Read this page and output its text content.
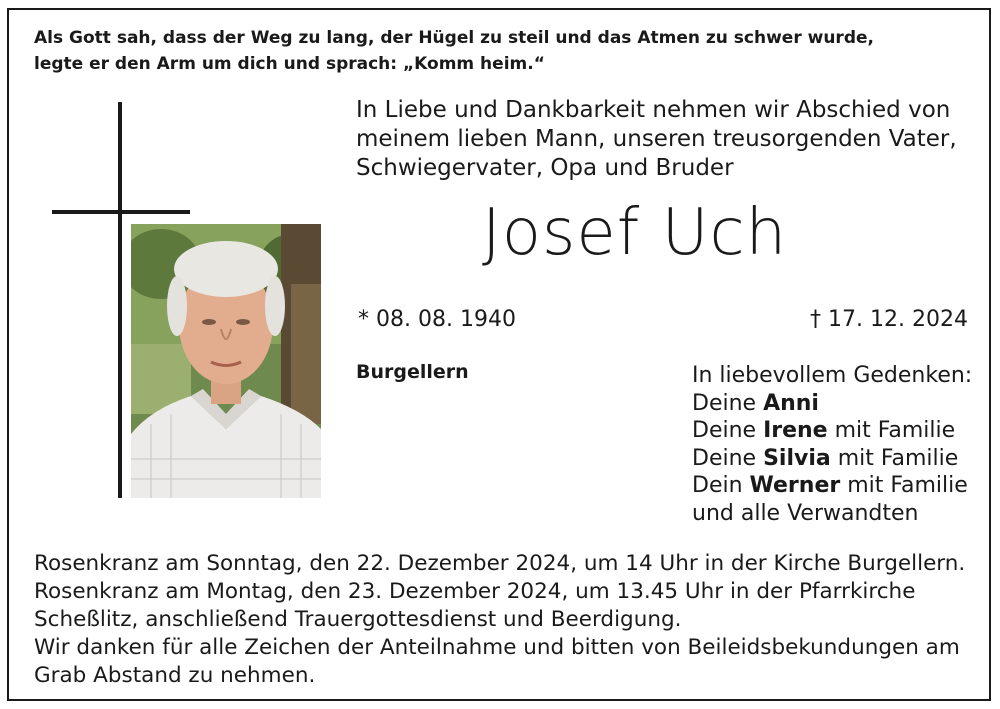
Als Gott sah, dass der Weg zu lang, der Hügel zu steil und das Atmen zu schwer wurde,
legte er den Arm um dich und sprach: „Komm heim.“
In Liebe und Dankbarkeit nehmen wir Abschied von
meinem lieben Mann, unseren treusorgenden Vater,
Schwiegervater, Opa und Bruder
Josef Uch
* 08. 08. 1940	† 17. 12. 2024
Burgellern	In liebevollem Gedenken:
Deine Anni
Deine Irene mit Familie
Deine Silvia mit Familie
Dein Werner mit Familie
und alle Verwandten
Rosenkranz am Sonntag, den 22. Dezember 2024, um 14 Uhr in der Kirche Burgellern.
Rosenkranz am Montag, den 23. Dezember 2024, um 13.45 Uhr in der Pfarrkirche
Scheßlitz, anschließend Trauergottesdienst und Beerdigung.
Wir danken für alle Zeichen der Anteilnahme und bitten von Beileidsbekundungen am
Grab Abstand zu nehmen.
